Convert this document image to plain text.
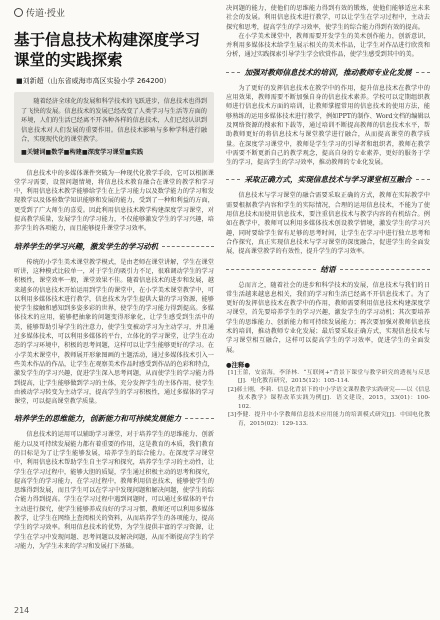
传道·授业
基于信息技术构建深度学习课堂的实践探索
■刘新超（山东省威海市高区实验小学 264200）

随着经济全球化的发展和科学技术的飞跃进步，信息技术也得到了飞快的发展。信息技术的发展已经改变了人类学习与生活等方面的环境，人们的生活已经离不开各种各样的信息技术，人们已经认识到信息技术对人们发展的重要作用。信息技术影响与多种学科进行融合，实现现代化的课堂教学。

■关键词■数学■构建■深度学习课堂■实践

信息技术中的多媒体课件突破为一种现代化教学手段，它可以根据课堂学习需要，设置问题情境，将信息技术教育融合在课堂的教学和学习中，利用信息技术教学能够给学生在上学习能力以及数学能力的学习和发现教学以及体验数学知识能够和发展的能力，受到了一种和利益的方面，更受到了广大师生的喜爱。因此利用信息技术教学构建深度学习课堂，对提高教学质量，发展学生的学习能力，不仅能够激发学生的学习兴趣，培养学生的各项能力，而且能够提升课堂学习效率。

培养学生的学习兴趣，激发学生的学习动机

传统的小学生美术课堂教学模式，是由老师在课堂讲解，学生在课堂听讲，这种模式比较单一，对于学生的吸引力不足，很难调动学生的学习积极性，课堂效率一般，课堂效果不佳。随着信息技术的进步和发展，越来越多的信息技术开始运用到学生的课堂中，在小学美术课堂教学中，可以利用多媒体技术进行教学，信息技术为学生提供大量的学习资源，能够使学生接触和感知到多姿多彩的世界，使学生的学习能力得到提高。多媒体技术的应用，能够把抽象的问题变得形象化，让学生感受到生活中的美，能够帮助引导学生的注意力，使学生变被动学习为主动学习，并且通过多媒体技术，可以利用多媒体的平台，立体化的学习课堂，让学生在动态的学习环境中，积极的思考问题，这样可以让学生能够更好的学习。在小学美术课堂中，教师展开形象图画的主题活动，通过多媒体技术引入一些美术作品的作品，让学生在观察美术作品时感受到作品的色彩和特点，激发学生的学习兴趣，促进学生深入思考问题，从而使学生的学习能力得到提高，让学生能够做到学习的主体，充分发挥学生的主体作用，使学生由被动学习转变为主动学习，提高学生的学习积极性，通过多媒体的学习课堂，可以提高课堂教学质量。

培养学生的思维能力，创新能力和可持续发展能力

信息技术的运用可以辅助学习课堂，对于培养学生的思维能力、创新能力以及可持续发展能力都有着重要的作用，这是教育的本质，我们教育的目标是为了让学生能够发展，培养学生的综合能力。在深度学习课堂中，利用信息技术帮助学生自主学习和探究，培养学生学习的主动性，让学生在学习过程中，能够大胆的质疑，学生通过积极主动的思考和探究，提高学生的学习能力，在学习过程中，教师利用信息技术，能够使学生的思维得到发展，而且学生可以在学习中发现问题和解决问题，使学生的综合能力得到提高。学生在学习过程中遇到问题时，可以通过多媒体的平台主动进行探究，使学生能够养成良好的学习习惯，教师还可以利用多媒体教学，让学生在网络上查阅相关的资料，从而培养学生的各项能力，提高学生的学习效率。利用信息技术的优势，为学生提供丰富的学习资源，让学生在学习中发现问题、思考问题以及解决问题，从而不断提高学生的学习能力，为学生未来的学习和发展打下基础。

决问题的能力，使他们的思维能力得到有效的锻炼，使他们能够适应未来社会的发展。利用信息技术进行教学，可以让学生在学习过程中，主动去探究和思考，提高学生的学习效率，使学生的综合能力得到有效的提高。

在小学美术课堂中，教师需要开发学生的美术创作能力，创新意识，并利用多媒体技术给学生展示相关的美术作品，让学生对作品进行欣赏和分析，通过实践探索引导学生学会欣赏作品，使学生感受到其中的美。

加强对教师信息技术的培训，推动教师专业化发展

为了更好的发挥信息技术在教学中的作用，提升信息技术在教学中的应用效果，教师需要不断加强自身的信息技术素养。学校可以定期组织教师进行信息技术方面的培训，让教师掌握常用的信息技术的使用方法，能够熟练的运用多媒体技术进行教学，例如PPT的制作、Word文档的编辑以及网络资源的搜索和下载等，通过培训不断提高教师的信息技术水平，帮助教师更好的将信息技术与课堂教学进行融合，从而提高课堂的教学质量。在深度学习课堂中，教师是学生学习的引导者和组织者，教师在教学中需要不断更新自己的教学观念，提高自身的专业素养，更好的服务于学生的学习，提高学生的学习效率，推动教师的专业化发展。

采取正确方式，实现信息技术与学习课堂相互融合

信息技术与学习课堂的融合需要采取正确的方式，教师在实际教学中需要根据教学内容和学生的实际情况，合理的运用信息技术，不能为了使用信息技术而使用信息技术，要注重信息技术与教学内容的有机结合。例如在教学中，教师可以利用多媒体技术创设教学情境，激发学生的学习兴趣，同时要给学生留有足够的思考时间，让学生在学习中进行独立思考和合作探究，真正实现信息技术与学习课堂的深度融合，促进学生的全面发展，提高课堂教学的有效性，提升学生的学习效率。

结语

总而言之，随着社会的进步和科学技术的发展，信息技术与我们的日常生活越来越息息相关，我们的学习和生活已经离不开信息技术了。为了更好的发挥信息技术在教学中的作用，教师需要利用信息技术构建深度学习课堂，首先要培养学生的学习兴趣，激发学生的学习动机；其次要培养学生的思维能力、创新能力和可持续发展能力；再次要加强对教师信息技术的培训，推动教师专业化发展；最后要采取正确方式，实现信息技术与学习课堂相互融合，这样可以提高学生的学习效率，促进学生的全面发展。

●注释●

[1]王蕾，安富海，李泽林．“互联网+”背景下课堂与教学研究的透视与反思[J]．电化教育研究，2015(12)：105-114．

[2]郝士刚，李莉．信息化背景下的中小学语文课程教学实践研究——以《信息技术教学》课程改革实践为例[J]．语文建设，2015，33(01)：100-102．

[3]李健．提升中小学教师信息技术应用能力的培训模式研究[J]．中国电化教育，2015(02)：129-133．

214
